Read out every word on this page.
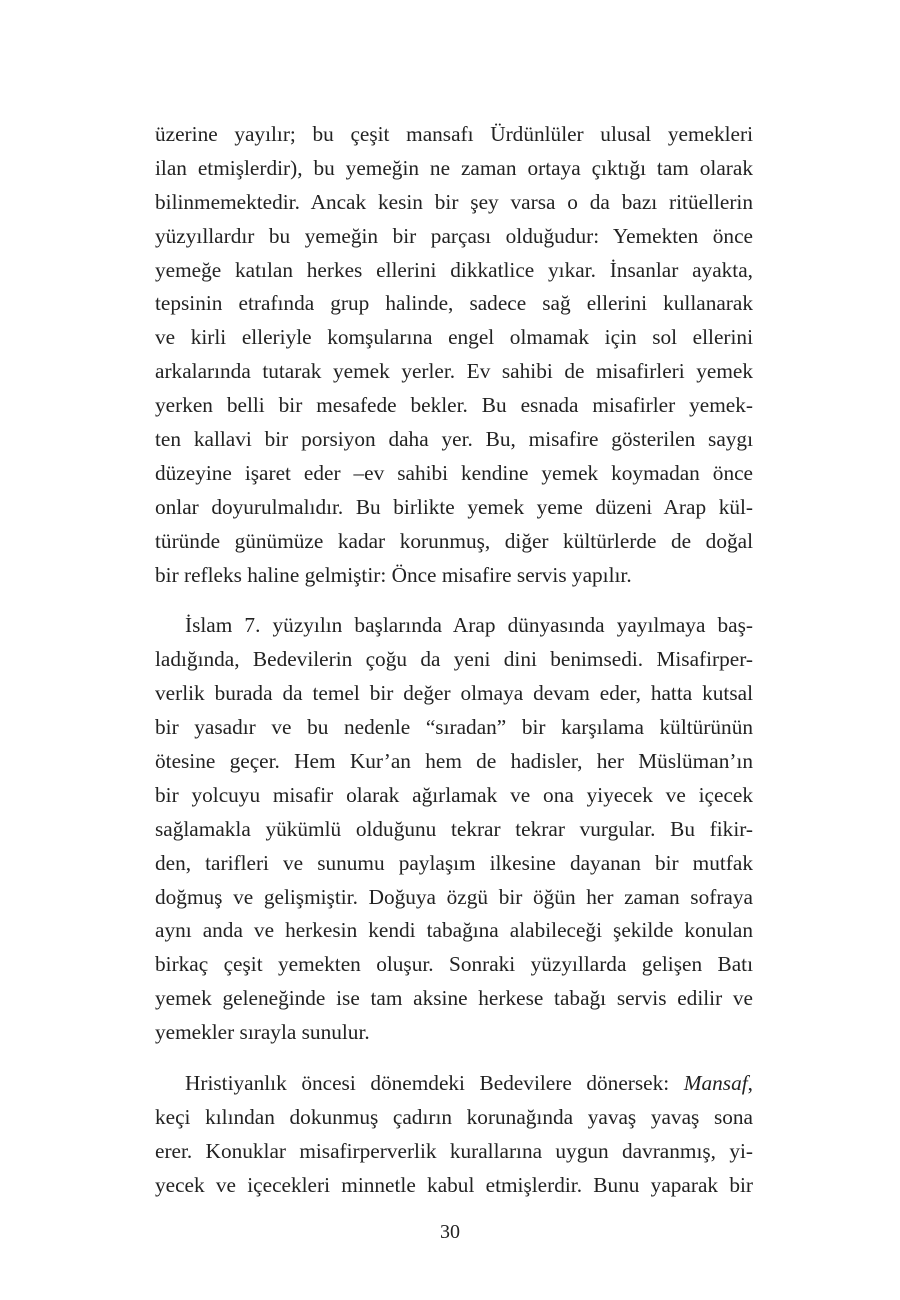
üzerine yayılır; bu çeşit mansafı Ürdünlüler ulusal yemekleri
ilan etmişlerdir), bu yemeğin ne zaman ortaya çıktığı tam olarak
bilinmemektedir. Ancak kesin bir şey varsa o da bazı ritüellerin
yüzyıllardır bu yemeğin bir parçası olduğudur: Yemekten önce
yemeğe katılan herkes ellerini dikkatlice yıkar. İnsanlar ayakta,
tepsinin etrafında grup halinde, sadece sağ ellerini kullanarak
ve kirli elleriyle komşularına engel olmamak için sol ellerini
arkalarında tutarak yemek yerler. Ev sahibi de misafirleri yemek
yerken belli bir mesafede bekler. Bu esnada misafirler yemek-
ten kallavi bir porsiyon daha yer. Bu, misafire gösterilen saygı
düzeyine işaret eder –ev sahibi kendine yemek koymadan önce
onlar doyurulmalıdır. Bu birlikte yemek yeme düzeni Arap kül-
türünde günümüze kadar korunmuş, diğer kültürlerde de doğal
bir refleks haline gelmiştir: Önce misafire servis yapılır.
İslam 7. yüzyılın başlarında Arap dünyasında yayılmaya baş-
ladığında, Bedevilerin çoğu da yeni dini benimsedi. Misafirper-
verlik burada da temel bir değer olmaya devam eder, hatta kutsal
bir yasadır ve bu nedenle “sıradan” bir karşılama kültürünün
ötesine geçer. Hem Kur’an hem de hadisler, her Müslüman’ın
bir yolcuyu misafir olarak ağırlamak ve ona yiyecek ve içecek
sağlamakla yükümlü olduğunu tekrar tekrar vurgular. Bu fikir-
den, tarifleri ve sunumu paylaşım ilkesine dayanan bir mutfak
doğmuş ve gelişmiştir. Doğuya özgü bir öğün her zaman sofraya
aynı anda ve herkesin kendi tabağına alabileceği şekilde konulan
birkaç çeşit yemekten oluşur. Sonraki yüzyıllarda gelişen Batı
yemek geleneğinde ise tam aksine herkese tabağı servis edilir ve
yemekler sırayla sunulur.
Hristiyanlık öncesi dönemdeki Bedevilere dönersek: Mansaf,
keçi kılından dokunmuş çadırın korunağında yavaş yavaş sona
erer. Konuklar misafirperverlik kurallarına uygun davranmış, yi-
yecek ve içecekleri minnetle kabul etmişlerdir. Bunu yaparak bir
30
